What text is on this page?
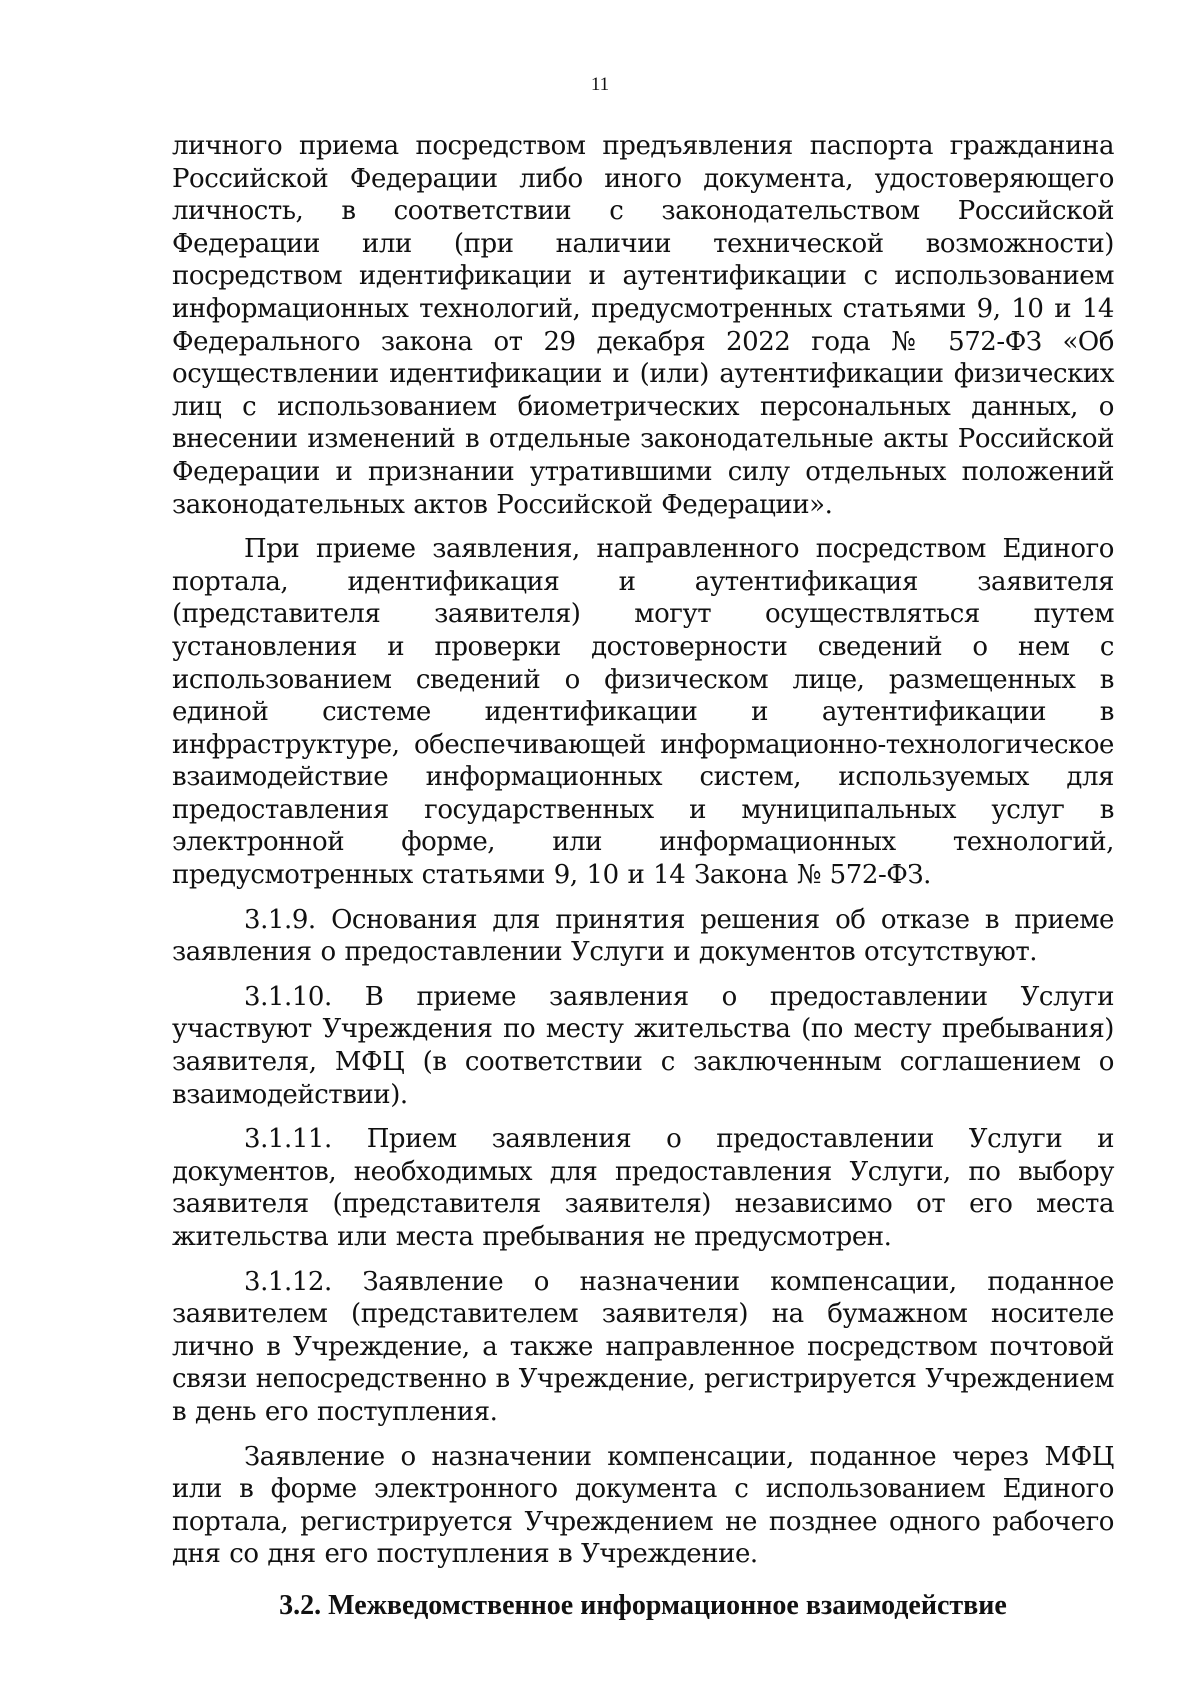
11

личного приема посредством предъявления паспорта гражданина Российской Федерации либо иного документа, удостоверяющего личность, в соответствии с законодательством Российской Федерации или (при наличии технической возможности) посредством идентификации и аутентификации с использованием информационных технологий, предусмотренных статьями 9, 10 и 14 Федерального закона от 29 декабря 2022 года № 572-ФЗ «Об осуществлении идентификации и (или) аутентификации физических лиц с использованием биометрических персональных данных, о внесении изменений в отдельные законодательные акты Российской Федерации и признании утратившими силу отдельных положений законодательных актов Российской Федерации».

При приеме заявления, направленного посредством Единого портала, идентификация и аутентификация заявителя (представителя заявителя) могут осуществляться путем установления и проверки достоверности сведений о нем с использованием сведений о физическом лице, размещенных в единой системе идентификации и аутентификации в инфраструктуре, обеспечивающей информационно-технологическое взаимодействие информационных систем, используемых для предоставления государственных и муниципальных услуг в электронной форме, или информационных технологий, предусмотренных статьями 9, 10 и 14 Закона № 572-ФЗ.

3.1.9. Основания для принятия решения об отказе в приеме заявления о предоставлении Услуги и документов отсутствуют.

3.1.10. В приеме заявления о предоставлении Услуги участвуют Учреждения по месту жительства (по месту пребывания) заявителя, МФЦ (в соответствии с заключенным соглашением о взаимодействии).

3.1.11. Прием заявления о предоставлении Услуги и документов, необходимых для предоставления Услуги, по выбору заявителя (представителя заявителя) независимо от его места жительства или места пребывания не предусмотрен.

3.1.12. Заявление о назначении компенсации, поданное заявителем (представителем заявителя) на бумажном носителе лично в Учреждение, а также направленное посредством почтовой связи непосредственно в Учреждение, регистрируется Учреждением в день его поступления.

Заявление о назначении компенсации, поданное через МФЦ или в форме электронного документа с использованием Единого портала, регистрируется Учреждением не позднее одного рабочего дня со дня его поступления в Учреждение.

3.2. Межведомственное информационное взаимодействие
